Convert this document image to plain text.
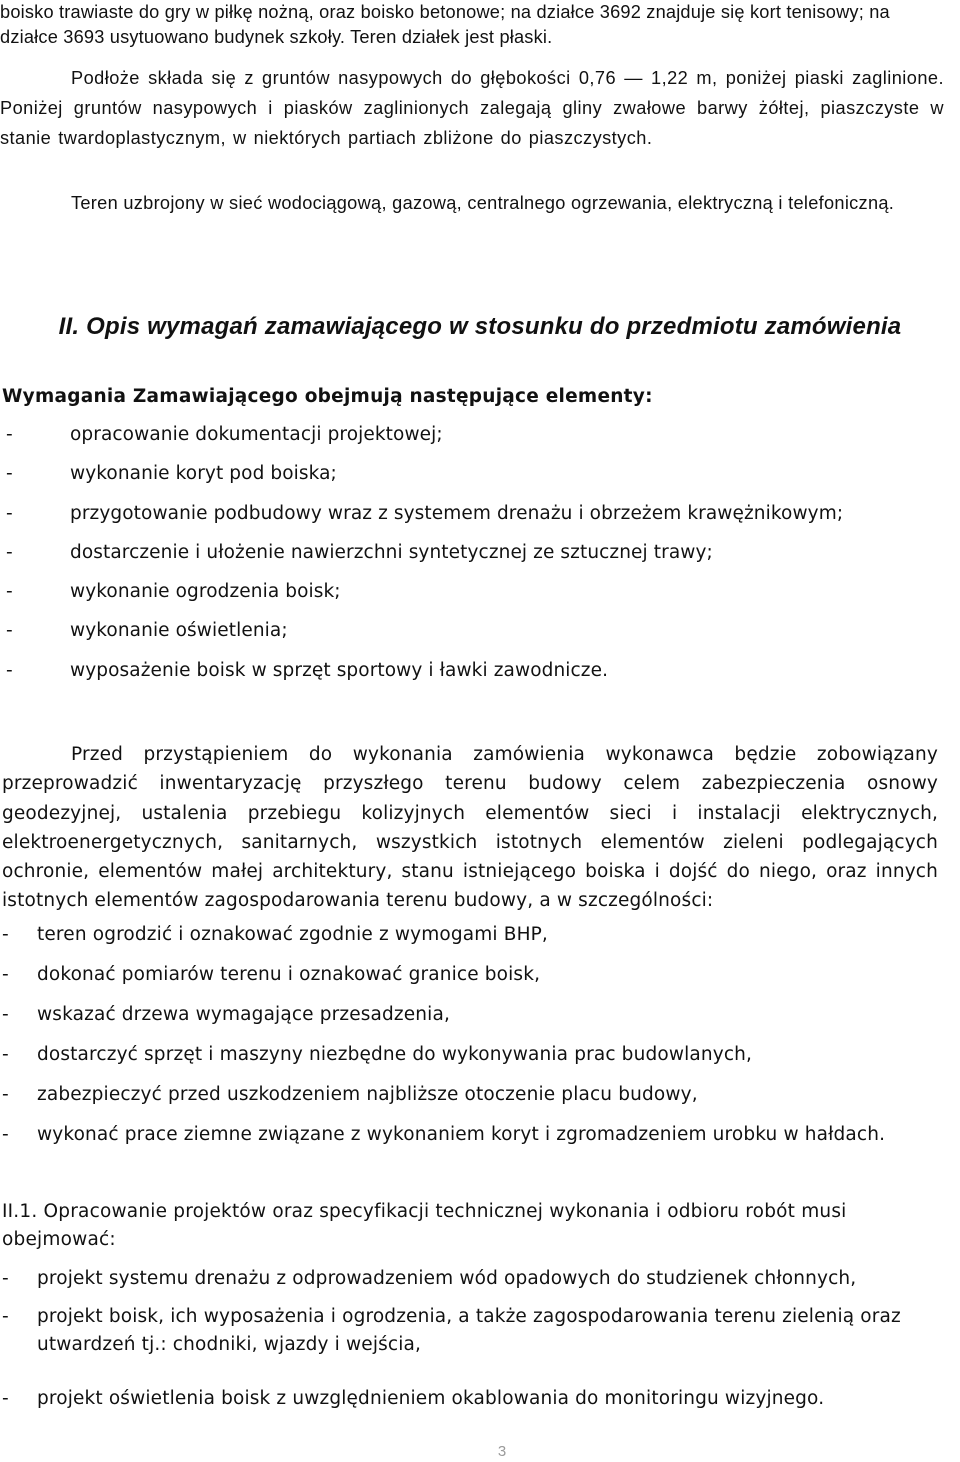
boisko trawiaste do gry w piłkę nożną, oraz boisko betonowe; na działce 3692 znajduje się kort tenisowy; na działce 3693 usytuowano budynek szkoły. Teren działek jest płaski.

Podłoże składa się z gruntów nasypowych do głębokości 0,76 — 1,22 m, poniżej piaski zaglinione. Poniżej gruntów nasypowych i piasków zaglinionych zalegają gliny zwałowe barwy żółtej, piaszczyste w stanie twardoplastycznym, w niektórych partiach zbliżone do piaszczystych.

Teren uzbrojony w sieć wodociągową, gazową, centralnego ogrzewania, elektryczną i telefoniczną.

II. Opis wymagań zamawiającego w stosunku do przedmiotu zamówienia

Wymagania Zamawiającego obejmują następujące elementy:

-	opracowanie dokumentacji projektowej;
-	wykonanie koryt pod boiska;
-	przygotowanie podbudowy wraz z systemem drenażu i obrzeżem krawężnikowym;
-	dostarczenie i ułożenie nawierzchni syntetycznej ze sztucznej trawy;
-	wykonanie ogrodzenia boisk;
-	wykonanie oświetlenia;
-	wyposażenie boisk w sprzęt sportowy i ławki zawodnicze.

Przed przystąpieniem do wykonania zamówienia wykonawca będzie zobowiązany przeprowadzić inwentaryzację przyszłego terenu budowy celem zabezpieczenia osnowy geodezyjnej, ustalenia przebiegu kolizyjnych elementów sieci i instalacji elektrycznych, elektroenergetycznych, sanitarnych, wszystkich istotnych elementów zieleni podlegających ochronie, elementów małej architektury, stanu istniejącego boiska i dojść do niego, oraz innych istotnych elementów zagospodarowania terenu budowy, a w szczególności:

- teren ogrodzić i oznakować zgodnie z wymogami BHP,
- dokonać pomiarów terenu i oznakować granice boisk,
- wskazać drzewa wymagające przesadzenia,
- dostarczyć sprzęt i maszyny niezbędne do wykonywania prac budowlanych,
- zabezpieczyć przed uszkodzeniem najbliższe otoczenie placu budowy,
- wykonać prace ziemne związane z wykonaniem koryt i zgromadzeniem urobku w hałdach.

II.1. Opracowanie projektów oraz specyfikacji technicznej wykonania i odbioru robót musi obejmować:

- projekt systemu drenażu z odprowadzeniem wód opadowych do studzienek chłonnych,
- projekt boisk, ich wyposażenia i ogrodzenia, a także zagospodarowania terenu zielenią oraz utwardzeń tj.: chodniki, wjazdy i wejścia,
- projekt oświetlenia boisk z uwzględnieniem okablowania do monitoringu wizyjnego.
3
